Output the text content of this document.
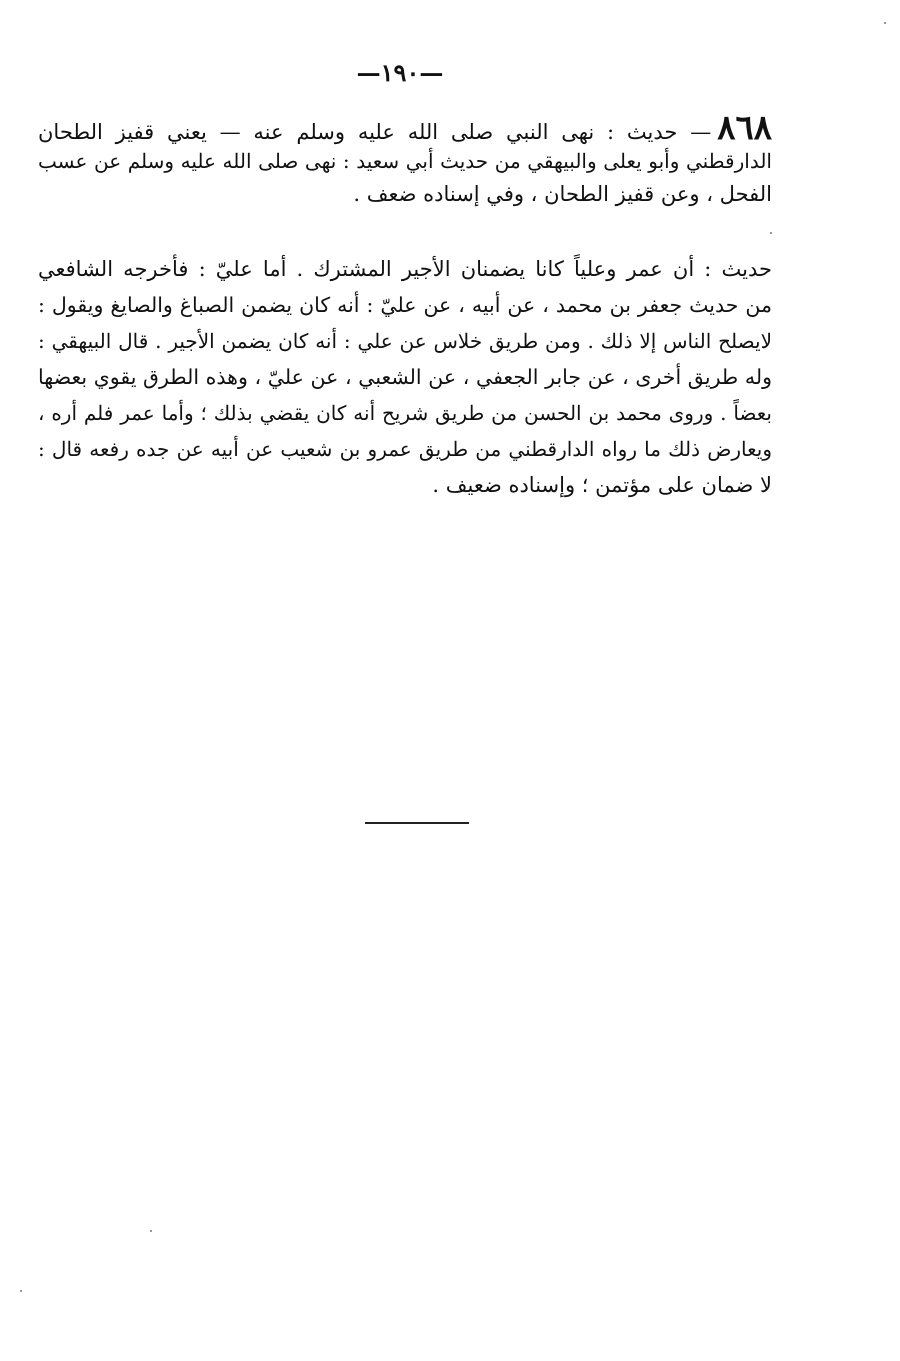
—١٩٠—
٨٦٨— حديث : نهى النبي صلى الله عليه وسلم عنه — يعني قفيز الطحان
الدارقطني وأبو يعلى والبيهقي من حديث أبي سعيد : نهى صلى الله عليه وسلم عن عسب
الفحل ، وعن قفيز الطحان ، وفي إسناده ضعف .
حديث : أن عمر وعلياً كانا يضمنان الأجير المشترك . أما عليّ : فأخرجه الشافعي
من حديث جعفر بن محمد ، عن أبيه ، عن عليّ : أنه كان يضمن الصباغ والصايغ ويقول :
لايصلح الناس إلا ذلك . ومن طريق خلاس عن علي : أنه كان يضمن الأجير . قال البيهقي :
وله طريق أخرى ، عن جابر الجعفي ، عن الشعبي ، عن عليّ ، وهذه الطرق يقوي بعضها
بعضاً . وروى محمد بن الحسن من طريق شريح أنه كان يقضي بذلك ؛ وأما عمر فلم أره ،
ويعارض ذلك ما رواه الدارقطني من طريق عمرو بن شعيب عن أبيه عن جده رفعه قال :
لا ضمان على مؤتمن ؛ وإسناده ضعيف .
